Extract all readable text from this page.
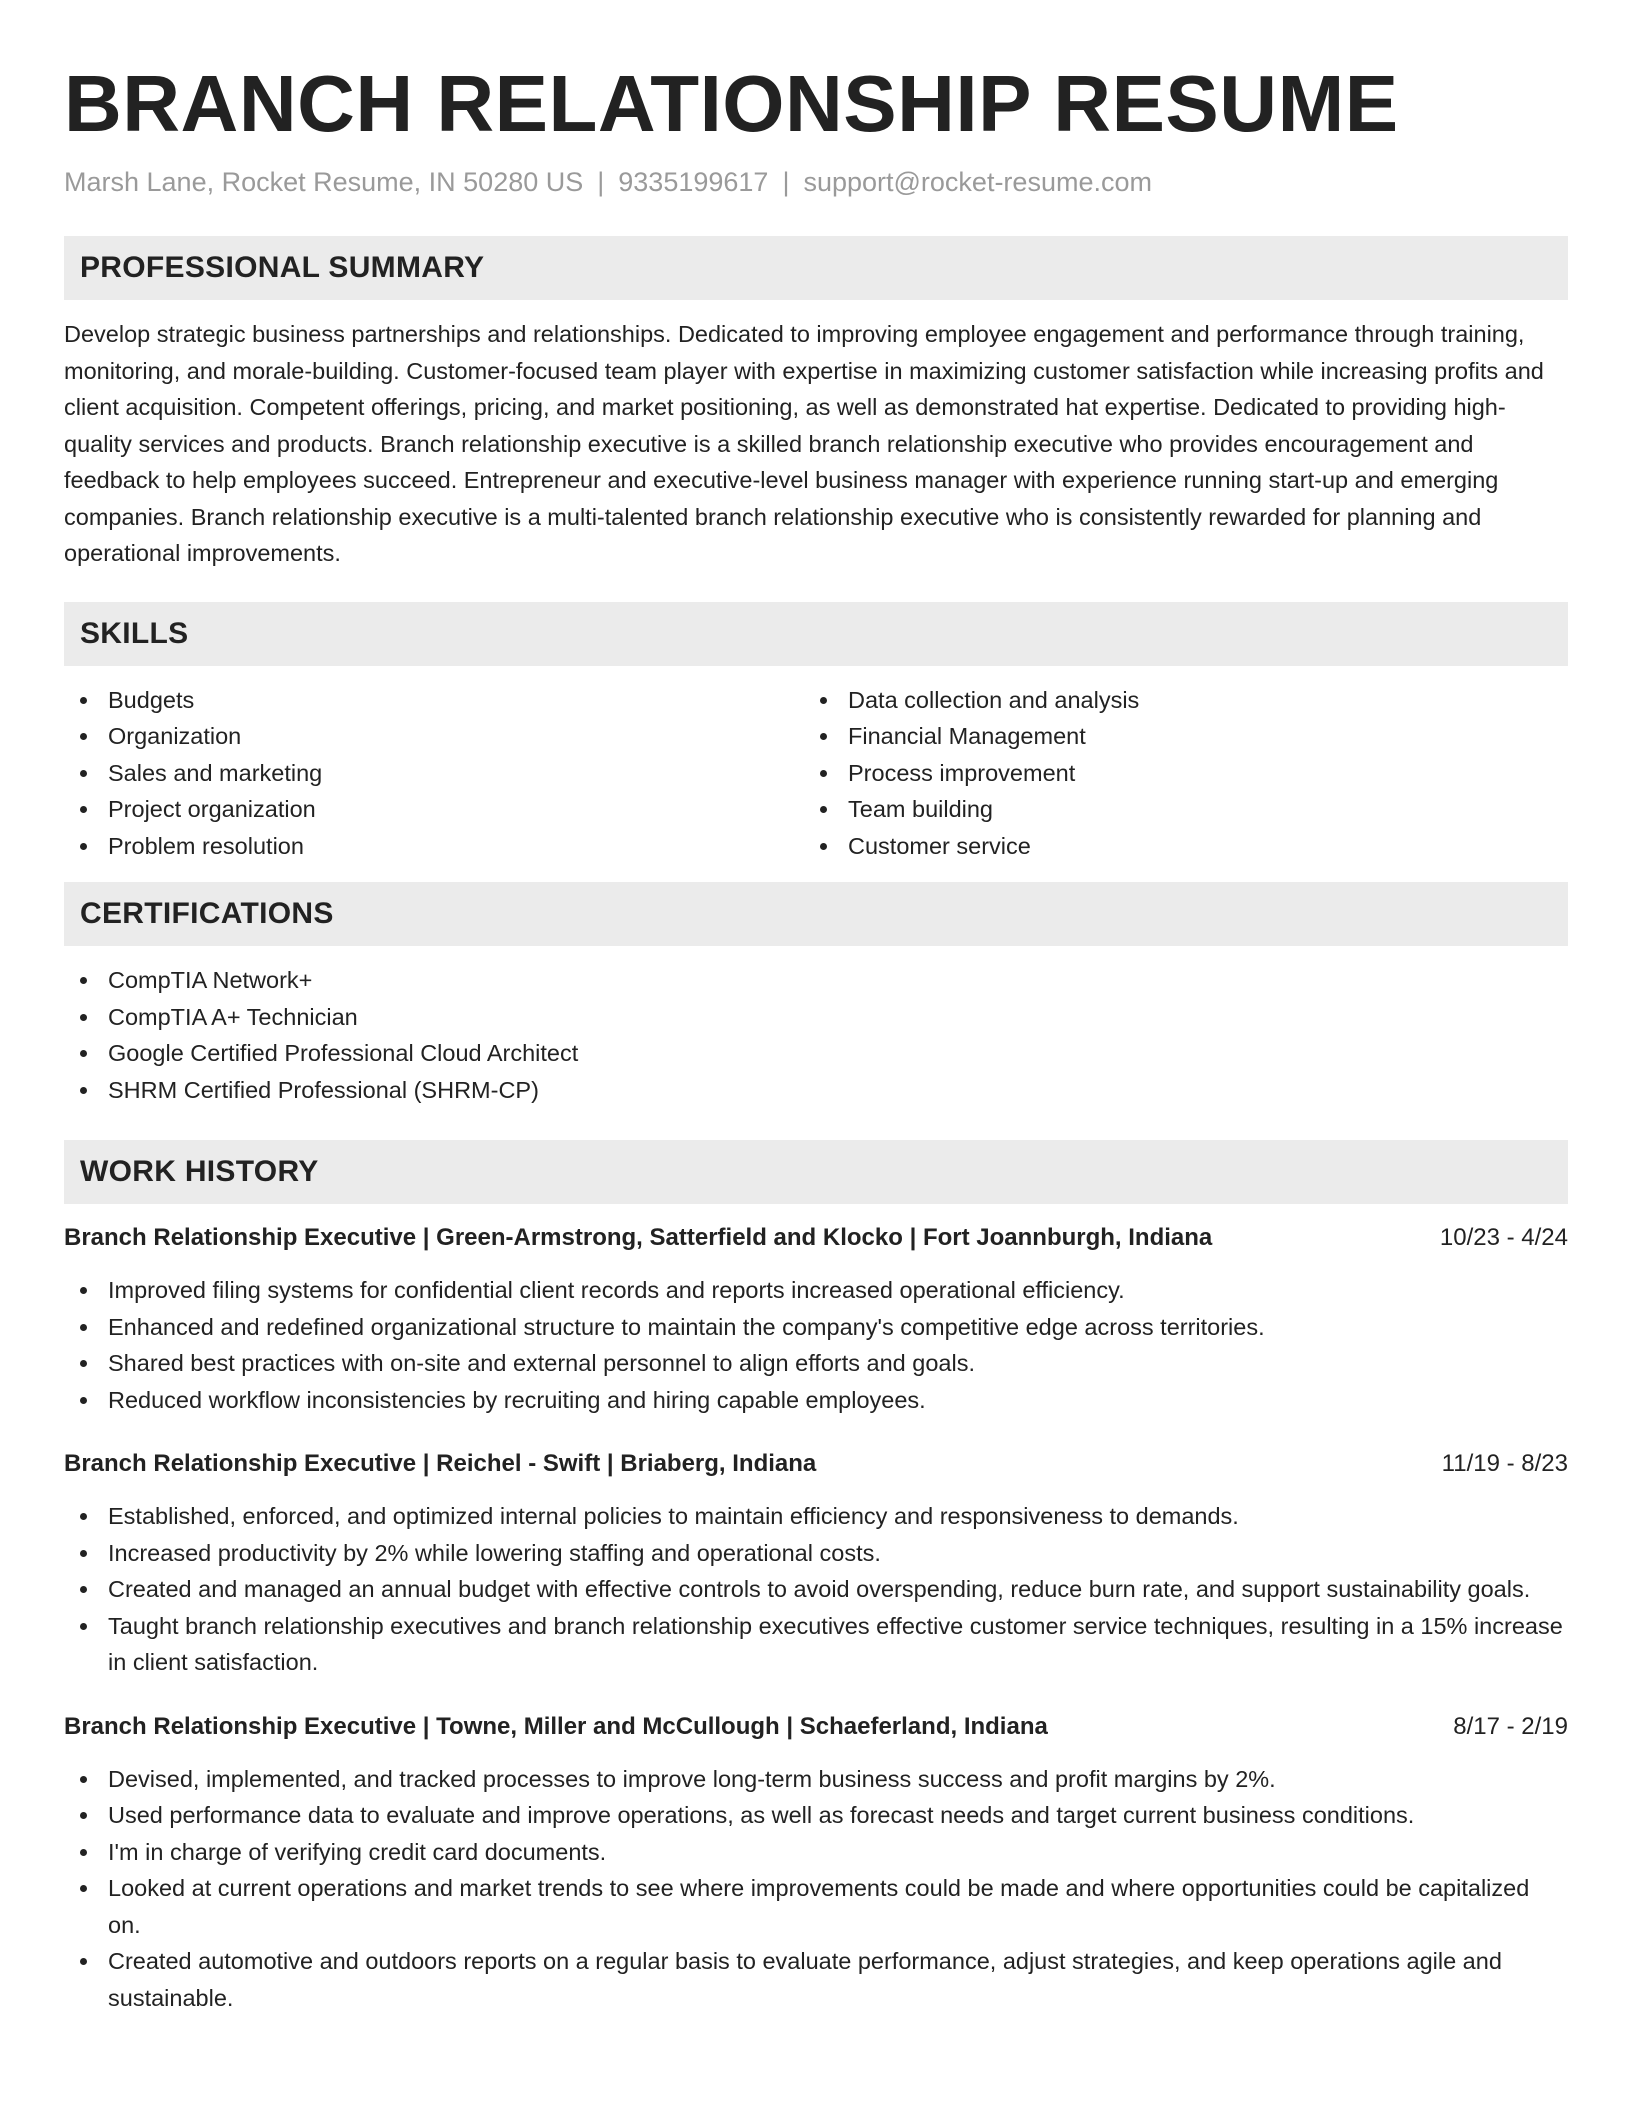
BRANCH RELATIONSHIP RESUME
Marsh Lane, Rocket Resume, IN 50280 US | 9335199617 | support@rocket-resume.com
PROFESSIONAL SUMMARY

Develop strategic business partnerships and relationships. Dedicated to improving employee engagement and performance through training, monitoring, and morale-building. Customer-focused team player with expertise in maximizing customer satisfaction while increasing profits and client acquisition. Competent offerings, pricing, and market positioning, as well as demonstrated hat expertise. Dedicated to providing high-quality services and products. Branch relationship executive is a skilled branch relationship executive who provides encouragement and feedback to help employees succeed. Entrepreneur and executive-level business manager with experience running start-up and emerging companies. Branch relationship executive is a multi-talented branch relationship executive who is consistently rewarded for planning and operational improvements.

SKILLS
Budgets
Organization
Sales and marketing
Project organization
Problem resolution
Data collection and analysis
Financial Management
Process improvement
Team building
Customer service
CERTIFICATIONS
CompTIA Network+
CompTIA A+ Technician
Google Certified Professional Cloud Architect
SHRM Certified Professional (SHRM-CP)
WORK HISTORY
Branch Relationship Executive | Green-Armstrong, Satterfield and Klocko | Fort Joannburgh, Indiana	10/23 - 4/24
Improved filing systems for confidential client records and reports increased operational efficiency.
Enhanced and redefined organizational structure to maintain the company's competitive edge across territories.
Shared best practices with on-site and external personnel to align efforts and goals.
Reduced workflow inconsistencies by recruiting and hiring capable employees.
Branch Relationship Executive | Reichel - Swift | Briaberg, Indiana	11/19 - 8/23
Established, enforced, and optimized internal policies to maintain efficiency and responsiveness to demands.
Increased productivity by 2% while lowering staffing and operational costs.
Created and managed an annual budget with effective controls to avoid overspending, reduce burn rate, and support sustainability goals.
Taught branch relationship executives and branch relationship executives effective customer service techniques, resulting in a 15% increase in client satisfaction.
Branch Relationship Executive | Towne, Miller and McCullough | Schaeferland, Indiana	8/17 - 2/19
Devised, implemented, and tracked processes to improve long-term business success and profit margins by 2%.
Used performance data to evaluate and improve operations, as well as forecast needs and target current business conditions.
I'm in charge of verifying credit card documents.
Looked at current operations and market trends to see where improvements could be made and where opportunities could be capitalized on.
Created automotive and outdoors reports on a regular basis to evaluate performance, adjust strategies, and keep operations agile and sustainable.
